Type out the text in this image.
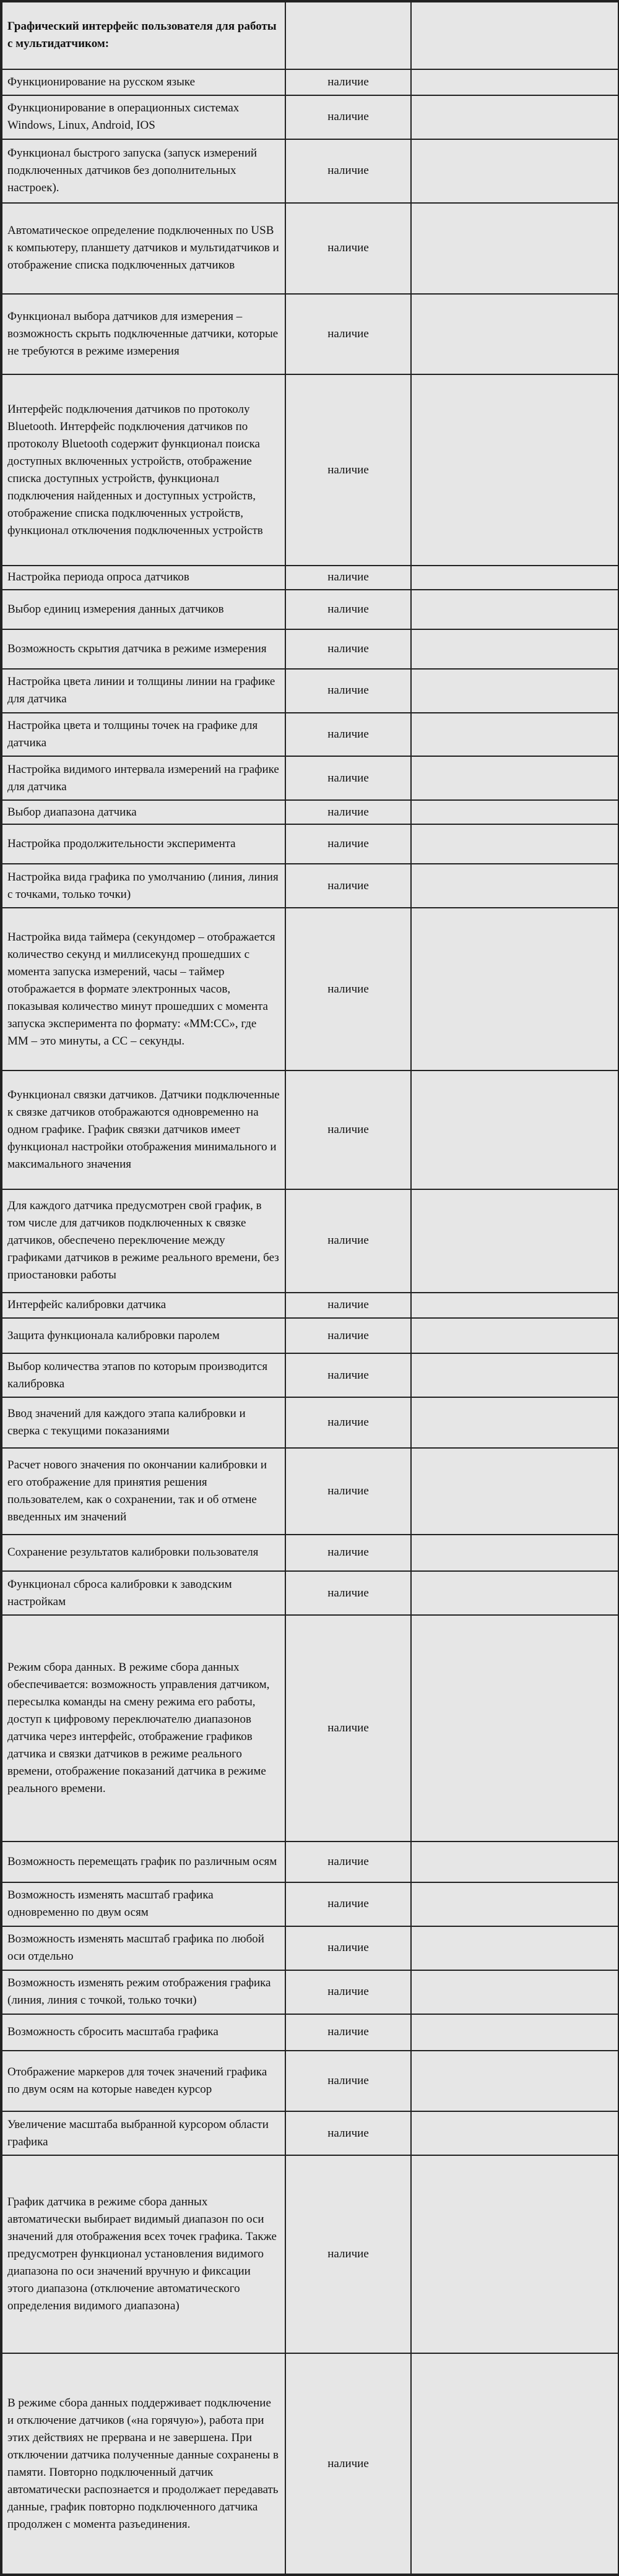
Графический интерфейс пользователя для работы с мультидатчиком:		
Функционирование на русском языке	наличие	
Функционирование в операционных системах Windows, Linux, Android, IOS	наличие	
Функционал быстрого запуска (запуск измерений подключенных датчиков без дополнительных настроек).	наличие	
Автоматическое определение подключенных по USB к компьютеру, планшету датчиков и мультидатчиков и отображение списка подключенных датчиков	наличие	
Функционал выбора датчиков для измерения – возможность скрыть подключенные датчики, которые не требуются в режиме измерения	наличие	
Интерфейс подключения датчиков по протоколу Bluetooth. Интерфейс подключения датчиков по протоколу Bluetooth содержит функционал поиска доступных включенных устройств, отображение списка доступных устройств, функционал подключения найденных и доступных устройств, отображение списка подключенных устройств, функционал отключения подключенных устройств	наличие	
Настройка периода опроса датчиков	наличие	
Выбор единиц измерения данных датчиков	наличие	
Возможность скрытия датчика в режиме измерения	наличие	
Настройка цвета линии и толщины линии на графике для датчика	наличие	
Настройка цвета и толщины точек на графике для датчика	наличие	
Настройка видимого интервала измерений на графике для датчика	наличие	
Выбор диапазона датчика	наличие	
Настройка продолжительности эксперимента	наличие	
Настройка вида графика по умолчанию (линия, линия с точками, только точки)	наличие	
Настройка вида таймера (секундомер – отображается количество секунд и миллисекунд прошедших с момента запуска измерений, часы – таймер отображается в формате электронных часов, показывая количество минут прошедших с момента запуска эксперимента по формату: «ММ:СС», где ММ – это минуты, а СС – секунды.	наличие	
Функционал связки датчиков. Датчики подключенные к связке датчиков отображаются одновременно на одном графике. График связки датчиков имеет функционал настройки отображения минимального и максимального значения	наличие	
Для каждого датчика предусмотрен свой график, в том числе для датчиков подключенных к связке датчиков, обеспечено переключение между графиками датчиков в режиме реального времени, без приостановки работы	наличие	
Интерфейс калибровки датчика	наличие	
Защита функционала калибровки паролем	наличие	
Выбор количества этапов по которым производится калибровка	наличие	
Ввод значений для каждого этапа калибровки и сверка с текущими показаниями	наличие	
Расчет нового значения по окончании калибровки и его отображение для принятия решения пользователем, как о сохранении, так и об отмене введенных им значений	наличие	
Сохранение результатов калибровки пользователя	наличие	
Функционал сброса калибровки к заводским настройкам	наличие	
Режим сбора данных. В режиме сбора данных обеспечивается: возможность управления датчиком, пересылка команды на смену режима его работы, доступ к цифровому переключателю диапазонов датчика через интерфейс, отображение графиков датчика и связки датчиков в режиме реального времени, отображение показаний датчика в режиме реального времени.	наличие	
Возможность перемещать график по различным осям	наличие	
Возможность изменять масштаб графика одновременно по двум осям	наличие	
Возможность изменять масштаб графика по любой оси отдельно	наличие	
Возможность изменять режим отображения графика (линия, линия с точкой, только точки)	наличие	
Возможность сбросить масштаба графика	наличие	
Отображение маркеров для точек значений графика по двум осям на которые наведен курсор	наличие	
Увеличение масштаба выбранной курсором области графика	наличие	
График датчика в режиме сбора данных автоматически выбирает видимый диапазон по оси значений для отображения всех точек графика. Также предусмотрен функционал установления видимого диапазона по оси значений вручную и фиксации этого диапазона (отключение автоматического определения видимого диапазона)	наличие	
В режиме сбора данных поддерживает подключение и отключение датчиков («на горячую»), работа при этих действиях не прервана и не завершена. При отключении датчика полученные данные сохранены в памяти. Повторно подключенный датчик автоматически распознается и продолжает передавать данные, график повторно подключенного датчика продолжен с момента разъединения.	наличие	
